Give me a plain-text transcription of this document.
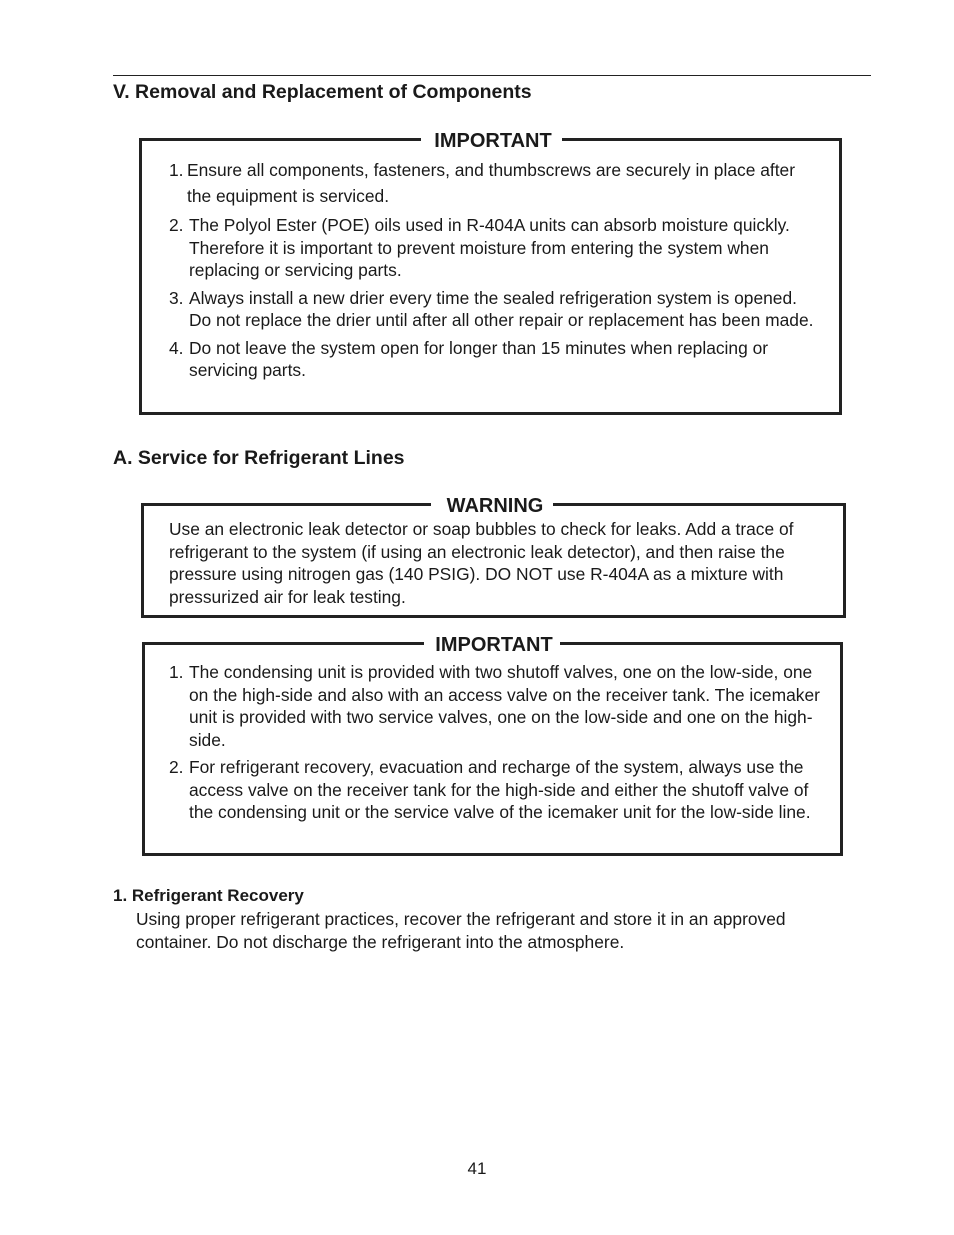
V. Removal and Replacement of Components
IMPORTANT
1. Ensure all components, fasteners, and thumbscrews are securely in place after the equipment is serviced.
2. The Polyol Ester (POE) oils used in R-404A units can absorb moisture quickly. Therefore it is important to prevent moisture from entering the system when replacing or servicing parts.
3. Always install a new drier every time the sealed refrigeration system is opened. Do not replace the drier until after all other repair or replacement has been made.
4. Do not leave the system open for longer than 15 minutes when replacing or servicing parts.
A. Service for Refrigerant Lines
WARNING
Use an electronic leak detector or soap bubbles to check for leaks. Add a trace of refrigerant to the system (if using an electronic leak detector), and then raise the pressure using nitrogen gas (140 PSIG). DO NOT use R-404A as a mixture with pressurized air for leak testing.
IMPORTANT
1. The condensing unit is provided with two shutoff valves, one on the low-side, one on the high-side and also with an access valve on the receiver tank. The icemaker unit is provided with two service valves, one on the low-side and one on the high-side.
2. For refrigerant recovery, evacuation and recharge of the system, always use the access valve on the receiver tank for the high-side and either the shutoff valve of the condensing unit or the service valve of the icemaker unit for the low-side line.
1. Refrigerant Recovery
Using proper refrigerant practices, recover the refrigerant and store it in an approved container. Do not discharge the refrigerant into the atmosphere.
41
